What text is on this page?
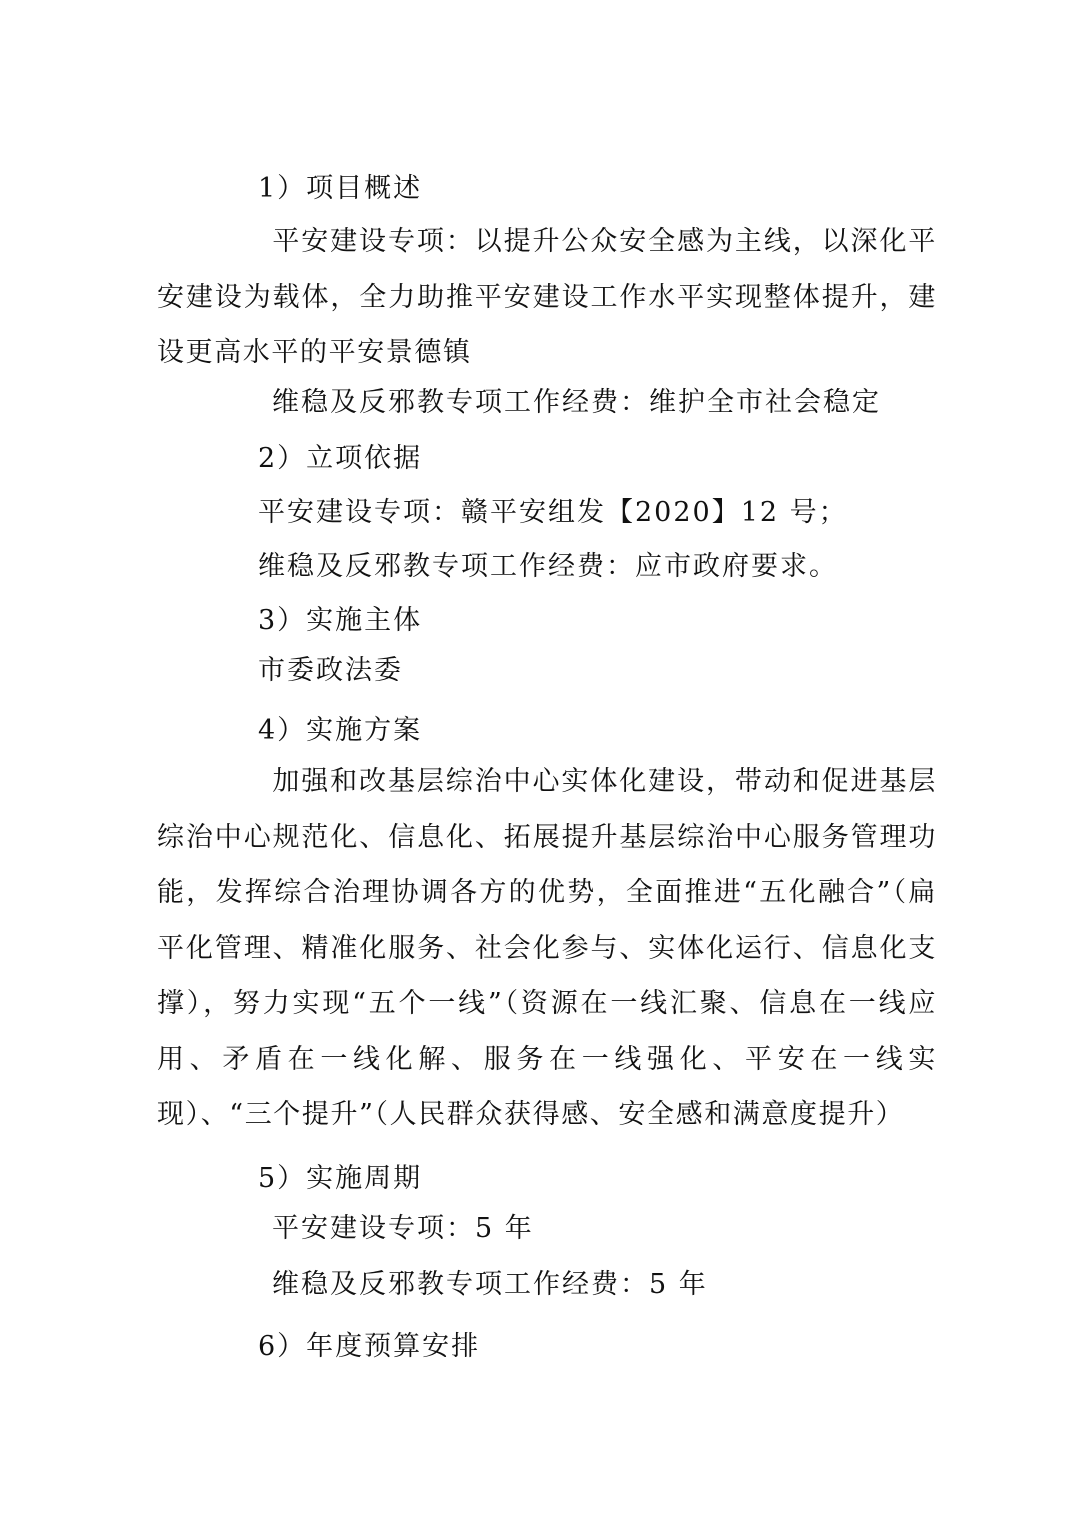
1）项目概述
平安建设专项：以提升公众安全感为主线，以深化平安建设为载体，全力助推平安建设工作水平实现整体提升，建设更高水平的平安景德镇
维稳及反邪教专项工作经费：维护全市社会稳定
2）立项依据
平安建设专项：赣平安组发【2020】12 号；
维稳及反邪教专项工作经费：应市政府要求。
3）实施主体
市委政法委
4）实施方案
加强和改基层综治中心实体化建设，带动和促进基层综治中心规范化、信息化、拓展提升基层综治中心服务管理功能，发挥综合治理协调各方的优势，全面推进“五化融合”（扁平化管理、精准化服务、社会化参与、实体化运行、信息化支撑），努力实现“五个一线”（资源在一线汇聚、信息在一线应用、矛盾在一线化解、服务在一线强化、平安在一线实现）、“三个提升”（人民群众获得感、安全感和满意度提升）
5）实施周期
平安建设专项：5 年
维稳及反邪教专项工作经费：5 年
6）年度预算安排
